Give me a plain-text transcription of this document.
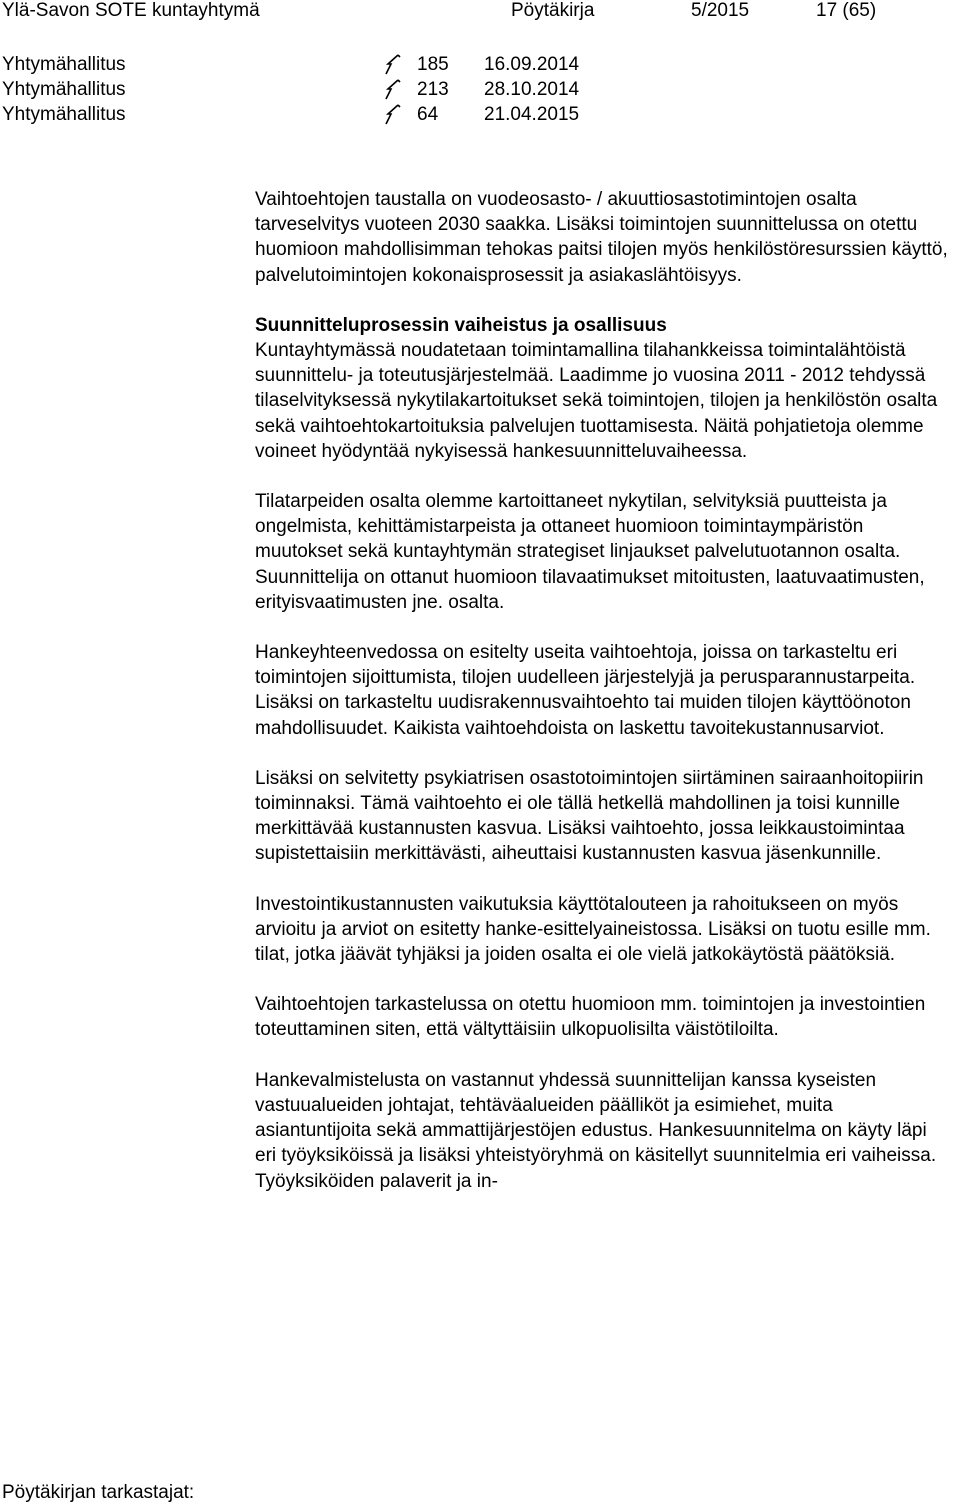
Ylä-Savon SOTE kuntayhtymä	Pöytäkirja	5/2015	17 (65)
Yhtymähallitus	185 16.09.2014
Yhtymähallitus	213 28.10.2014
Yhtymähallitus	64 21.04.2015

Vaihtoehtojen taustalla on vuodeosasto- / akuuttiosastotimintojen osalta tarveselvitys vuoteen 2030 saakka. Lisäksi toimintojen suunnittelussa on otettu huomioon mahdollisimman tehokas paitsi tilojen myös henkilöstöresurssien käyttö, palvelutoimintojen kokonaisprosessit ja asiakaslähtöisyys.

Suunnitteluprosessin vaiheistus ja osallisuus

Kuntayhtymässä noudatetaan toimintamallina tilahankkeissa toimintalähtöistä suunnittelu- ja toteutusjärjestelmää. Laadimme jo vuosina 2011 - 2012 tehdyssä tilaselvityksessä nykytilakartoitukset sekä toimintojen, tilojen ja henkilöstön osalta sekä vaihtoehtokartoituksia palvelujen tuottamisesta. Näitä pohjatietoja olemme voineet hyödyntää nykyisessä hankesuunnitteluvaiheessa.

Tilatarpeiden osalta olemme kartoittaneet nykytilan, selvityksiä puutteista ja ongelmista, kehittämistarpeista ja ottaneet huomioon toimintaympäristön muutokset sekä kuntayhtymän strategiset linjaukset palvelutuotannon osalta. Suunnittelija on ottanut huomioon tilavaatimukset mitoitusten, laatuvaatimusten, erityisvaatimusten jne. osalta.

Hankeyhteenvedossa on esitelty useita vaihtoehtoja, joissa on tarkasteltu eri toimintojen sijoittumista, tilojen uudelleen järjestelyjä ja perusparannustarpeita. Lisäksi on tarkasteltu uudisrakennusvaihtoehto tai muiden tilojen käyttöönoton mahdollisuudet. Kaikista vaihtoehdoista on laskettu tavoitekustannusarviot.

Lisäksi on selvitetty psykiatrisen osastotoimintojen siirtäminen sairaanhoitopiirin toiminnaksi. Tämä vaihtoehto ei ole tällä hetkellä mahdollinen ja toisi kunnille merkittävää kustannusten kasvua. Lisäksi vaihtoehto, jossa leikkaustoimintaa supistettaisiin merkittävästi, aiheuttaisi kustannusten kasvua jäsenkunnille.

Investointikustannusten vaikutuksia käyttötalouteen ja rahoitukseen on myös arvioitu ja arviot on esitetty hanke-esittelyaineistossa. Lisäksi on tuotu esille mm. tilat, jotka jäävät tyhjäksi ja joiden osalta ei ole vielä jatkokäytöstä päätöksiä.

Vaihtoehtojen tarkastelussa on otettu huomioon mm. toimintojen ja investointien toteuttaminen siten, että vältyttäisiin ulkopuolisilta väistötiloilta.

Hankevalmistelusta on vastannut yhdessä suunnittelijan kanssa kyseisten vastuualueiden johtajat, tehtäväalueiden päälliköt ja esimiehet, muita asiantuntijoita sekä ammattijärjestöjen edustus. Hankesuunnitelma on käyty läpi eri työyksiköissä ja lisäksi yhteistyöryhmä on käsitellyt suunnitelmia eri vaiheissa. Työyksiköiden palaverit ja in-

Pöytäkirjan tarkastajat:
